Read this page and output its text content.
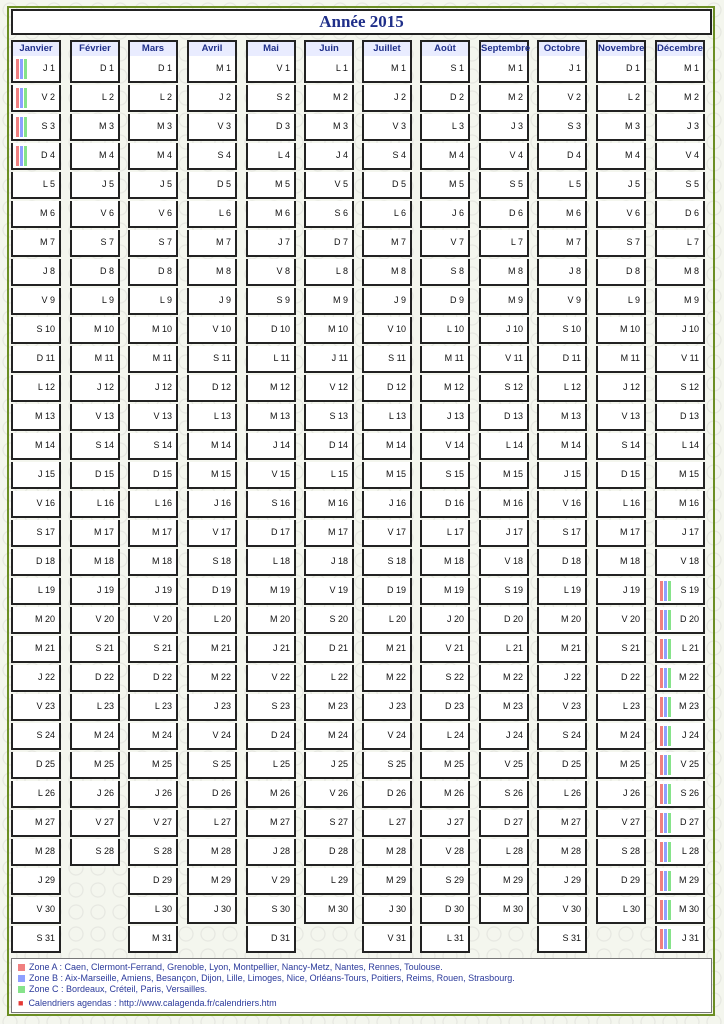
Année 2015
Janvier
J 1
V 2
S 3
D 4
L 5
M 6
M 7
J 8
V 9
S 10
D 11
L 12
M 13
M 14
J 15
V 16
S 17
D 18
L 19
M 20
M 21
J 22
V 23
S 24
D 25
L 26
M 27
M 28
J 29
V 30
S 31
Février
D 1
L 2
M 3
M 4
J 5
V 6
S 7
D 8
L 9
M 10
M 11
J 12
V 13
S 14
D 15
L 16
M 17
M 18
J 19
V 20
S 21
D 22
L 23
M 24
M 25
J 26
V 27
S 28
Mars
D 1
L 2
M 3
M 4
J 5
V 6
S 7
D 8
L 9
M 10
M 11
J 12
V 13
S 14
D 15
L 16
M 17
M 18
J 19
V 20
S 21
D 22
L 23
M 24
M 25
J 26
V 27
S 28
D 29
L 30
M 31
Avril
M 1
J 2
V 3
S 4
D 5
L 6
M 7
M 8
J 9
V 10
S 11
D 12
L 13
M 14
M 15
J 16
V 17
S 18
D 19
L 20
M 21
M 22
J 23
V 24
S 25
D 26
L 27
M 28
M 29
J 30
Mai
V 1
S 2
D 3
L 4
M 5
M 6
J 7
V 8
S 9
D 10
L 11
M 12
M 13
J 14
V 15
S 16
D 17
L 18
M 19
M 20
J 21
V 22
S 23
D 24
L 25
M 26
M 27
J 28
V 29
S 30
D 31
Juin
L 1
M 2
M 3
J 4
V 5
S 6
D 7
L 8
M 9
M 10
J 11
V 12
S 13
D 14
L 15
M 16
M 17
J 18
V 19
S 20
D 21
L 22
M 23
M 24
J 25
V 26
S 27
D 28
L 29
M 30
Juillet
M 1
J 2
V 3
S 4
D 5
L 6
M 7
M 8
J 9
V 10
S 11
D 12
L 13
M 14
M 15
J 16
V 17
S 18
D 19
L 20
M 21
M 22
J 23
V 24
S 25
D 26
L 27
M 28
M 29
J 30
V 31
Août
S 1
D 2
L 3
M 4
M 5
J 6
V 7
S 8
D 9
L 10
M 11
M 12
J 13
V 14
S 15
D 16
L 17
M 18
M 19
J 20
V 21
S 22
D 23
L 24
M 25
M 26
J 27
V 28
S 29
D 30
L 31
Septembre
M 1
M 2
J 3
V 4
S 5
D 6
L 7
M 8
M 9
J 10
V 11
S 12
D 13
L 14
M 15
M 16
J 17
V 18
S 19
D 20
L 21
M 22
M 23
J 24
V 25
S 26
D 27
L 28
M 29
M 30
Octobre
J 1
V 2
S 3
D 4
L 5
M 6
M 7
J 8
V 9
S 10
D 11
L 12
M 13
M 14
J 15
V 16
S 17
D 18
L 19
M 20
M 21
J 22
V 23
S 24
D 25
L 26
M 27
M 28
J 29
V 30
S 31
Novembre
D 1
L 2
M 3
M 4
J 5
V 6
S 7
D 8
L 9
M 10
M 11
J 12
V 13
S 14
D 15
L 16
M 17
M 18
J 19
V 20
S 21
D 22
L 23
M 24
M 25
J 26
V 27
S 28
D 29
L 30
Décembre
M 1
M 2
J 3
V 4
S 5
D 6
L 7
M 8
M 9
J 10
V 11
S 12
D 13
L 14
M 15
M 16
J 17
V 18
S 19
D 20
L 21
M 22
M 23
J 24
V 25
S 26
D 27
L 28
M 29
M 30
J 31
Zone A : Caen, Clermont-Ferrand, Grenoble, Lyon, Montpellier, Nancy-Metz, Nantes, Rennes, Toulouse.
Zone B : Aix-Marseille, Amiens, Besançon, Dijon, Lille, Limoges, Nice, Orléans-Tours, Poitiers, Reims, Rouen, Strasbourg.
Zone C : Bordeaux, Créteil, Paris, Versailles.
■ Calendriers agendas : http://www.calagenda.fr/calendriers.htm
